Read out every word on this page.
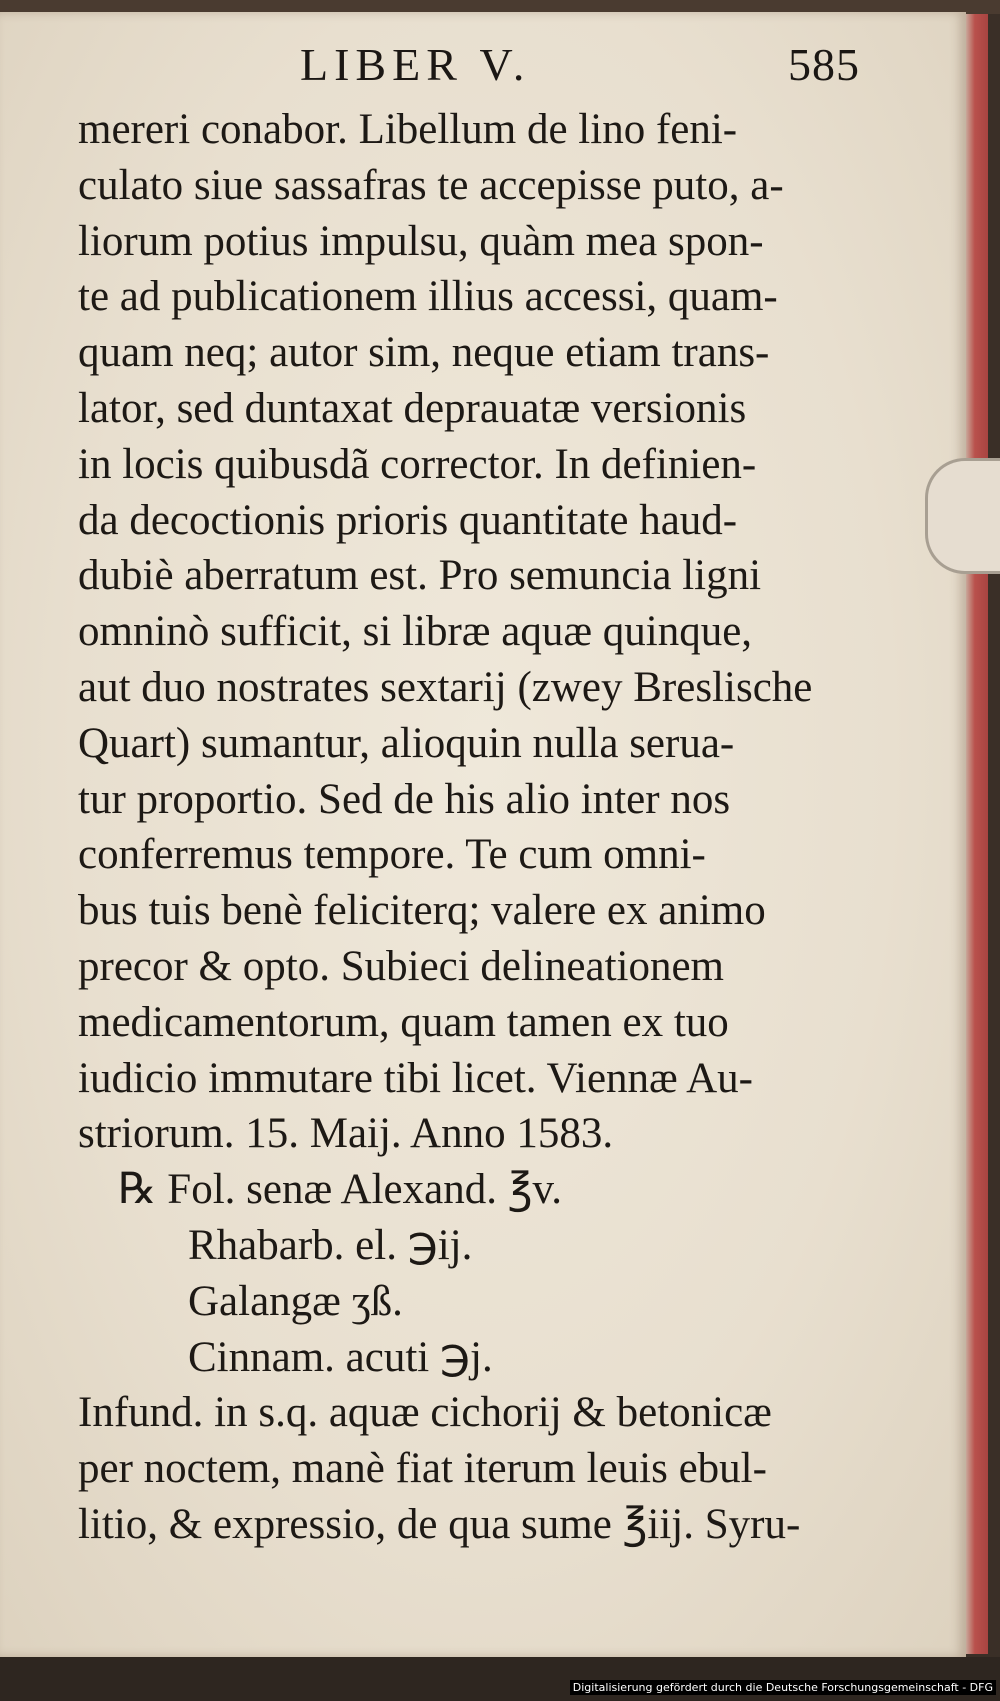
LIBER V.	585
mereri conabor. Libellum de lino feni-
culato siue sassafras te accepisse puto, a-
liorum potius impulsu, quàm mea spon-
te ad publicationem illius accessi, quam-
quam neq; autor sim, neque etiam trans-
lator, sed duntaxat deprauatæ versionis
in locis quibusdã corrector. In definien-
da decoctionis prioris quantitate haud-
dubiè aberratum est. Pro semuncia ligni
omninò sufficit, si libræ aquæ quinque,
aut duo nostrates sextarij (zwey Breslische
Quart) sumantur, alioquin nulla serua-
tur proportio. Sed de his alio inter nos
conferremus tempore. Te cum omni-
bus tuis benè feliciterq; valere ex animo
precor & opto. Subieci delineationem
medicamentorum, quam tamen ex tuo
iudicio immutare tibi licet. Viennæ Au-
striorum. 15. Maij. Anno 1583.
℞ Fol. senæ Alexand. ℥v.
Rhabarb. el. ℈ij.
Galangæ ʒß.
Cinnam. acuti ℈j.
Infund. in s.q. aquæ cichorij & betonicæ
per noctem, manè fiat iterum leuis ebul-
litio, & expressio, de qua sume ℥iij. Syru-
Digitalisierung gefördert durch die Deutsche Forschungsgemeinschaft - DFG
